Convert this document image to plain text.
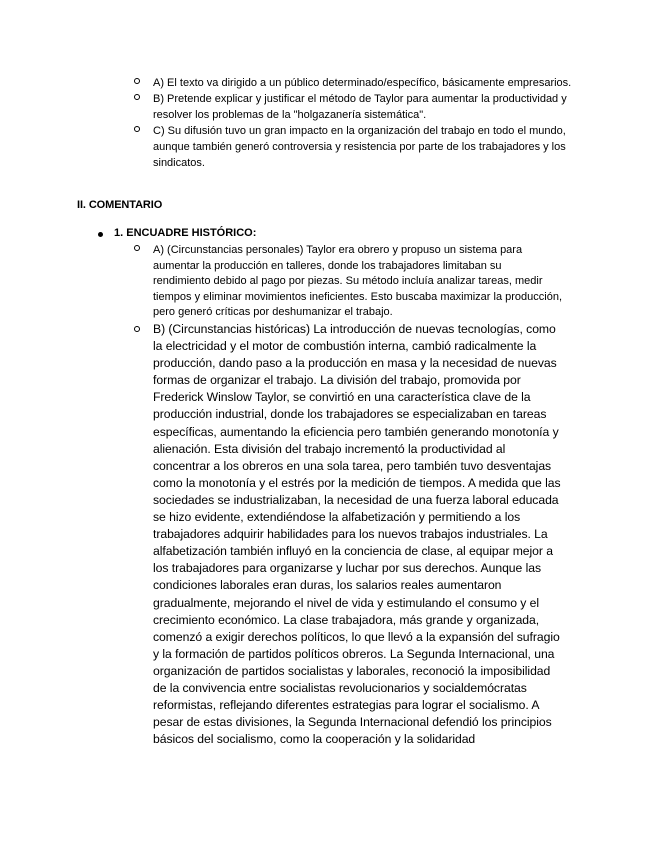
A) El texto va dirigido a un público determinado/específico, básicamente empresarios.
B) Pretende explicar y justificar el método de Taylor para aumentar la productividad y resolver los problemas de la "holgazanería sistemática".
C) Su difusión tuvo un gran impacto en la organización del trabajo en todo el mundo, aunque también generó controversia y resistencia por parte de los trabajadores y los sindicatos.
II. COMENTARIO
1. ENCUADRE HISTÓRICO:
A) (Circunstancias personales) Taylor era obrero y propuso un sistema para aumentar la producción en talleres, donde los trabajadores limitaban su rendimiento debido al pago por piezas. Su método incluía analizar tareas, medir tiempos y eliminar movimientos ineficientes. Esto buscaba maximizar la producción, pero generó críticas por deshumanizar el trabajo.
B) (Circunstancias históricas) La introducción de nuevas tecnologías, como la electricidad y el motor de combustión interna, cambió radicalmente la producción, dando paso a la producción en masa y la necesidad de nuevas formas de organizar el trabajo. La división del trabajo, promovida por Frederick Winslow Taylor, se convirtió en una característica clave de la producción industrial, donde los trabajadores se especializaban en tareas específicas, aumentando la eficiencia pero también generando monotonía y alienación. Esta división del trabajo incrementó la productividad al concentrar a los obreros en una sola tarea, pero también tuvo desventajas como la monotonía y el estrés por la medición de tiempos. A medida que las sociedades se industrializaban, la necesidad de una fuerza laboral educada se hizo evidente, extendiéndose la alfabetización y permitiendo a los trabajadores adquirir habilidades para los nuevos trabajos industriales. La alfabetización también influyó en la conciencia de clase, al equipar mejor a los trabajadores para organizarse y luchar por sus derechos. Aunque las condiciones laborales eran duras, los salarios reales aumentaron gradualmente, mejorando el nivel de vida y estimulando el consumo y el crecimiento económico. La clase trabajadora, más grande y organizada, comenzó a exigir derechos políticos, lo que llevó a la expansión del sufragio y la formación de partidos políticos obreros. La Segunda Internacional, una organización de partidos socialistas y laborales, reconoció la imposibilidad de la convivencia entre socialistas revolucionarios y socialdemócratas reformistas, reflejando diferentes estrategias para lograr el socialismo. A pesar de estas divisiones, la Segunda Internacional defendió los principios básicos del socialismo, como la cooperación y la solidaridad
